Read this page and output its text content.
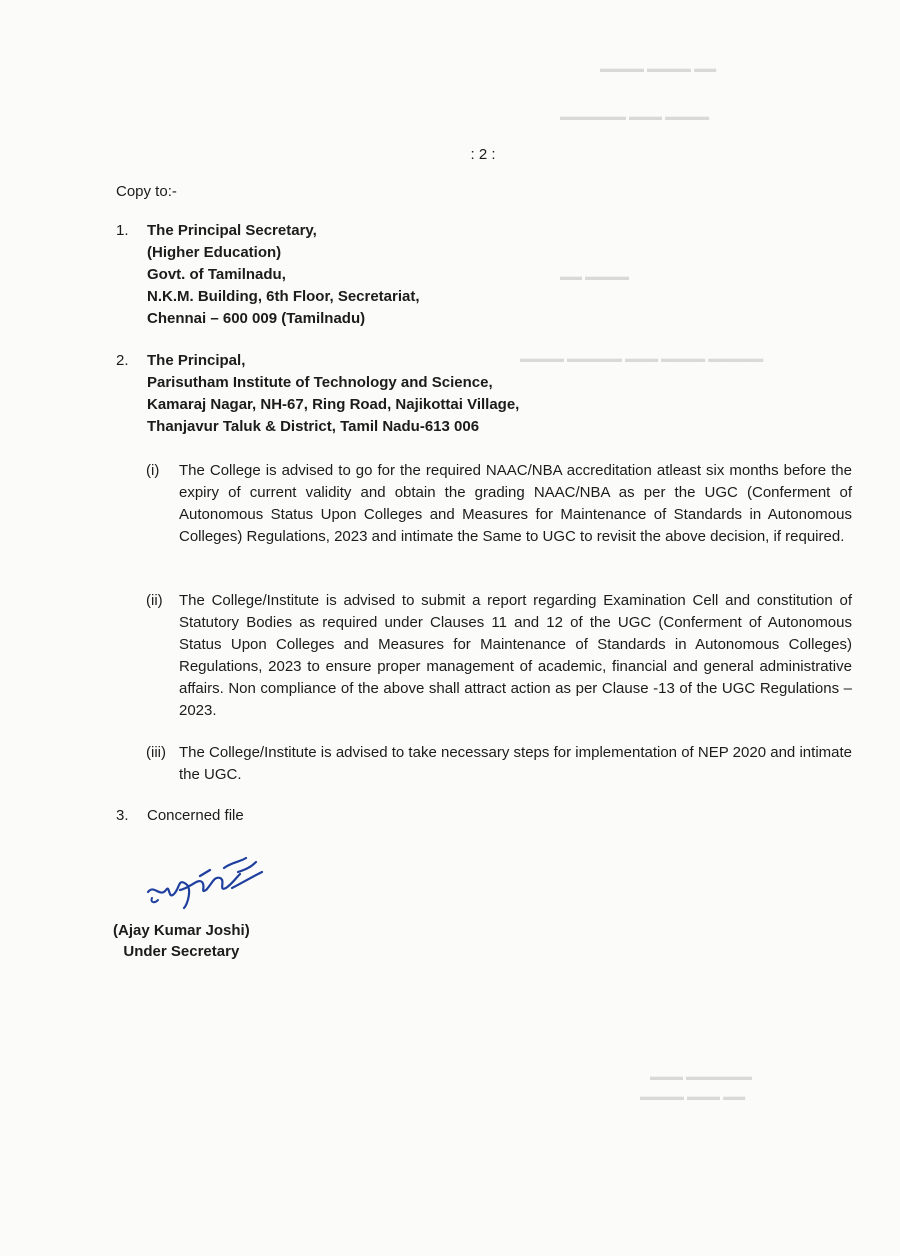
▬▬▬▬ ▬▬▬▬ ▬▬
▬▬▬▬▬▬ ▬▬▬ ▬▬▬▬
▬▬ ▬▬▬▬
▬▬▬▬ ▬▬▬▬▬ ▬▬▬ ▬▬▬▬ ▬▬▬▬▬
▬▬▬ ▬▬▬▬▬▬
▬▬▬▬ ▬▬▬ ▬▬
: 2 :
Copy to:-
1. The Principal Secretary,
(Higher Education)
Govt. of Tamilnadu,
N.K.M. Building, 6th Floor, Secretariat,
Chennai – 600 009 (Tamilnadu)
2. The Principal,
Parisutham Institute of Technology and Science,
Kamaraj Nagar, NH-67, Ring Road, Najikottai Village,
Thanjavur Taluk & District, Tamil Nadu-613 006
(i) The College is advised to go for the required NAAC/NBA accreditation atleast six months before the expiry of current validity and obtain the grading NAAC/NBA as per the UGC (Conferment of Autonomous Status Upon Colleges and Measures for Maintenance of Standards in Autonomous Colleges) Regulations, 2023 and intimate the Same to UGC to revisit the above decision, if required.
(ii) The College/Institute is advised to submit a report regarding Examination Cell and constitution of Statutory Bodies as required under Clauses 11 and 12 of the UGC (Conferment of Autonomous Status Upon Colleges and Measures for Maintenance of Standards in Autonomous Colleges) Regulations, 2023 to ensure proper management of academic, financial and general administrative affairs. Non compliance of the above shall attract action as per Clause -13 of the UGC Regulations – 2023.
(iii) The College/Institute is advised to take necessary steps for implementation of NEP 2020 and intimate the UGC.
3. Concerned file
(Ajay Kumar Joshi)
Under Secretary
